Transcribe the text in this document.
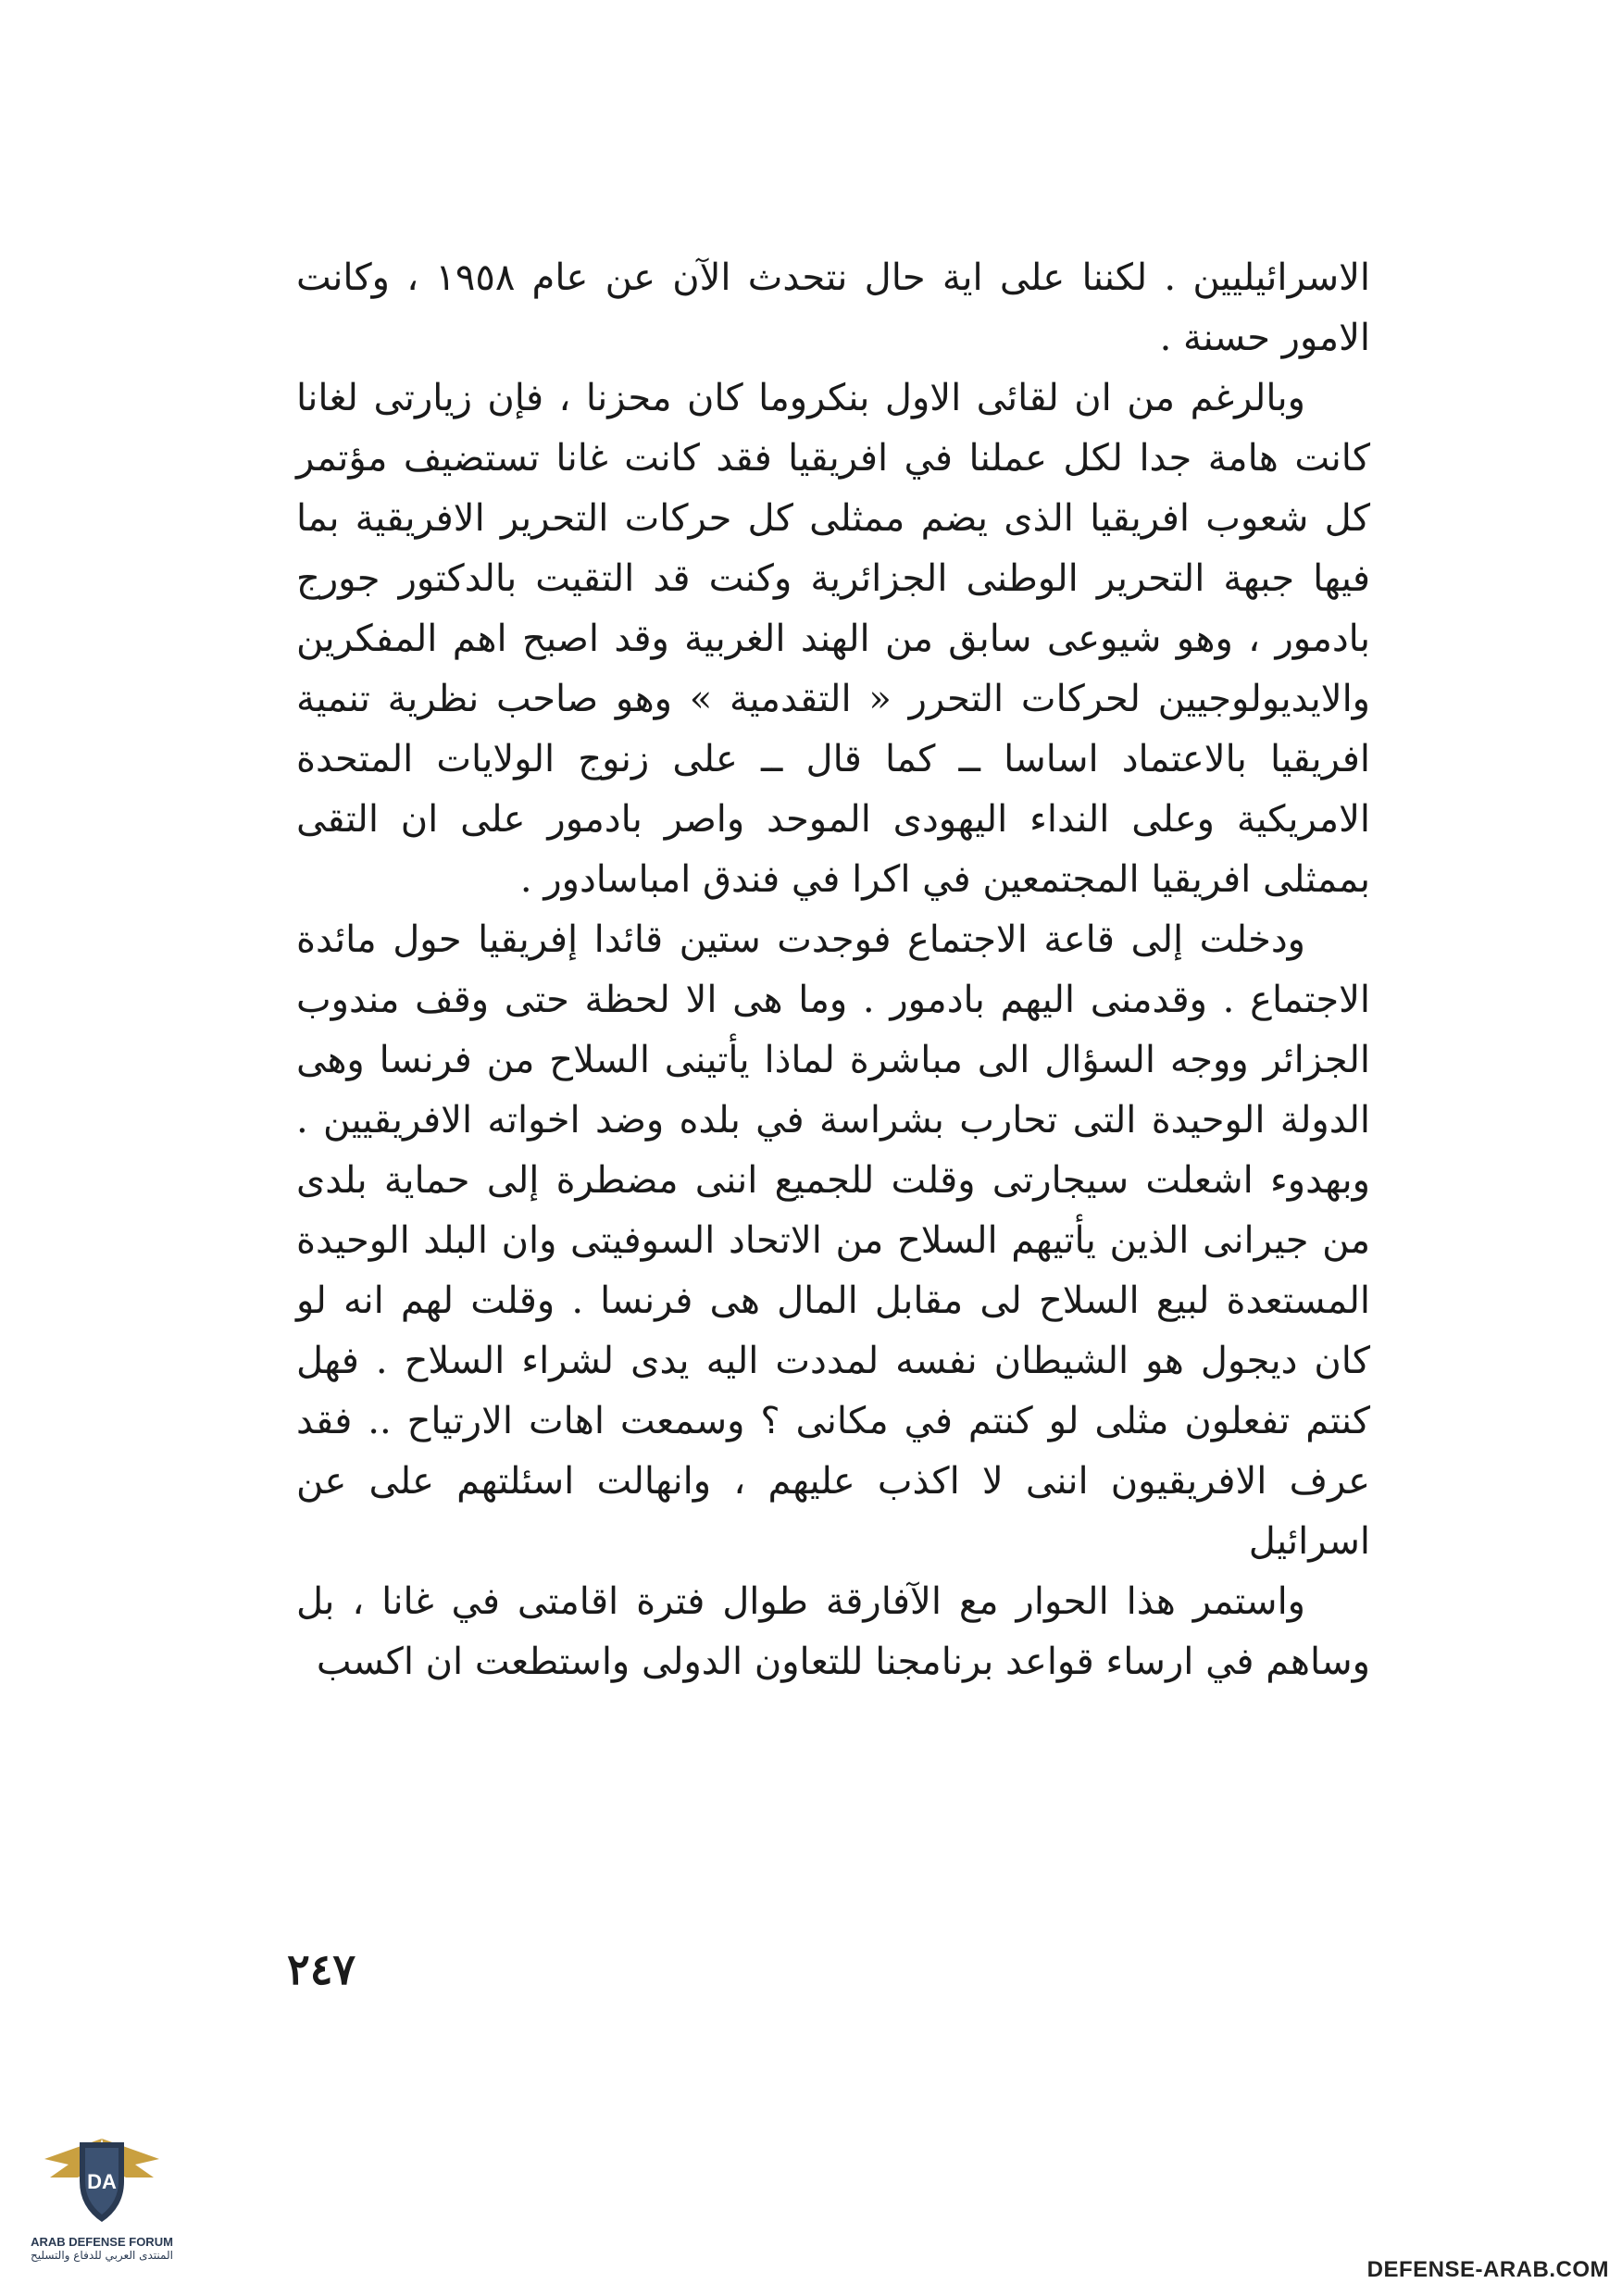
الاسرائيليين . لكننا على اية حال نتحدث الآن عن عام ١٩٥٨ ، وكانت الامور حسنة .

وبالرغم من ان لقائى الاول بنكروما كان محزنا ، فإن زيارتى لغانا كانت هامة جدا لكل عملنا في افريقيا فقد كانت غانا تستضيف مؤتمر كل شعوب افريقيا الذى يضم ممثلى كل حركات التحرير الافريقية بما فيها جبهة التحرير الوطنى الجزائرية وكنت قد التقيت بالدكتور جورج بادمور ، وهو شيوعى سابق من الهند الغربية وقد اصبح اهم المفكرين والايديولوجيين لحركات التحرر « التقدمية » وهو صاحب نظرية تنمية افريقيا بالاعتماد اساسا ــ كما قال ــ على زنوج الولايات المتحدة الامريكية وعلى النداء اليهودى الموحد واصر بادمور على ان التقى بممثلى افريقيا المجتمعين في اكرا في فندق امباسادور .

ودخلت إلى قاعة الاجتماع فوجدت ستين قائدا إفريقيا حول مائدة الاجتماع . وقدمنى اليهم بادمور . وما هى الا لحظة حتى وقف مندوب الجزائر ووجه السؤال الى مباشرة لماذا يأتينى السلاح من فرنسا وهى الدولة الوحيدة التى تحارب بشراسة في بلده وضد اخواته الافريقيين . وبهدوء اشعلت سيجارتى وقلت للجميع اننى مضطرة إلى حماية بلدى من جيرانى الذين يأتيهم السلاح من الاتحاد السوفيتى وان البلد الوحيدة المستعدة لبيع السلاح لى مقابل المال هى فرنسا . وقلت لهم انه لو كان ديجول هو الشيطان نفسه لمددت اليه يدى لشراء السلاح . فهل كنتم تفعلون مثلى لو كنتم في مكانى ؟ وسمعت اهات الارتياح .. فقد عرف الافريقيون اننى لا اكذب عليهم ، وانهالت اسئلتهم على عن اسرائيل

واستمر هذا الحوار مع الآفارقة طوال فترة اقامتى في غانا ، بل وساهم في ارساء قواعد برنامجنا للتعاون الدولى واستطعت ان اكسب

٢٤٧
DA
ARAB DEFENSE FORUM
المنتدى العربي للدفاع والتسليح
DEFENSE-ARAB.COM
